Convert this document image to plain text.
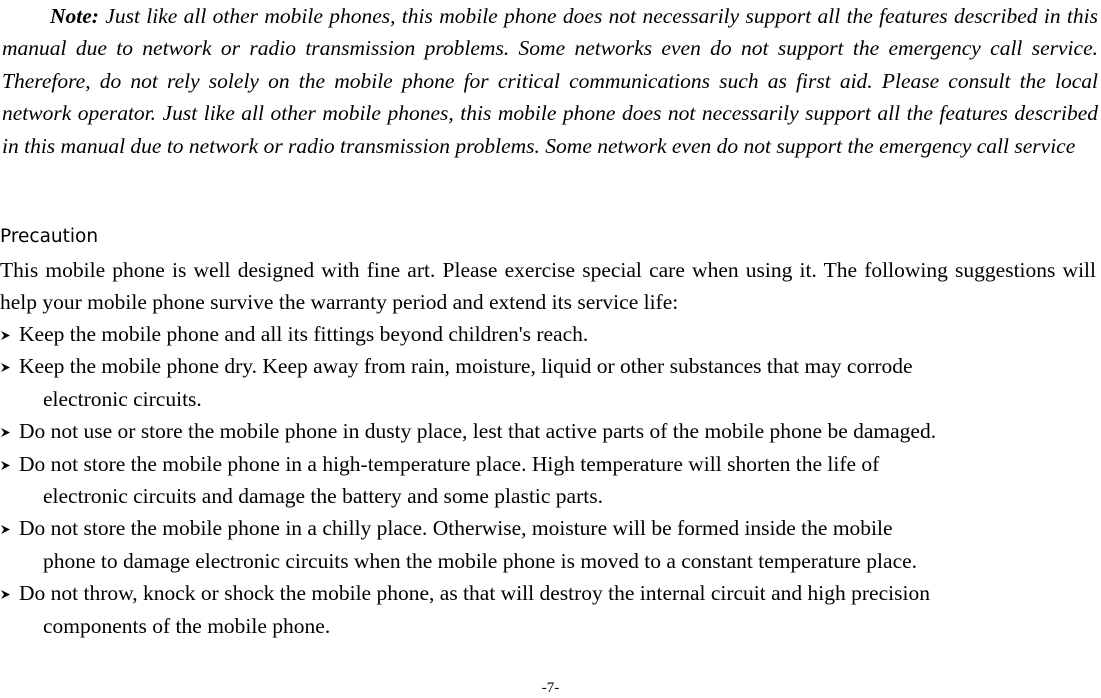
Note: Just like all other mobile phones, this mobile phone does not necessarily support all the features described in this manual due to network or radio transmission problems. Some networks even do not support the emergency call service. Therefore, do not rely solely on the mobile phone for critical communications such as first aid. Please consult the local network operator. Just like all other mobile phones, this mobile phone does not necessarily support all the features described in this manual due to network or radio transmission problems. Some network even do not support the emergency call service

Precaution

This mobile phone is well designed with fine art. Please exercise special care when using it. The following suggestions will help your mobile phone survive the warranty period and extend its service life:

Keep the mobile phone and all its fittings beyond children's reach.
Keep the mobile phone dry. Keep away from rain, moisture, liquid or other substances that may corrode
electronic circuits.
Do not use or store the mobile phone in dusty place, lest that active parts of the mobile phone be damaged.
Do not store the mobile phone in a high-temperature place. High temperature will shorten the life of
electronic circuits and damage the battery and some plastic parts.
Do not store the mobile phone in a chilly place. Otherwise, moisture will be formed inside the mobile
phone to damage electronic circuits when the mobile phone is moved to a constant temperature place.
Do not throw, knock or shock the mobile phone, as that will destroy the internal circuit and high precision
components of the mobile phone.

-7-
